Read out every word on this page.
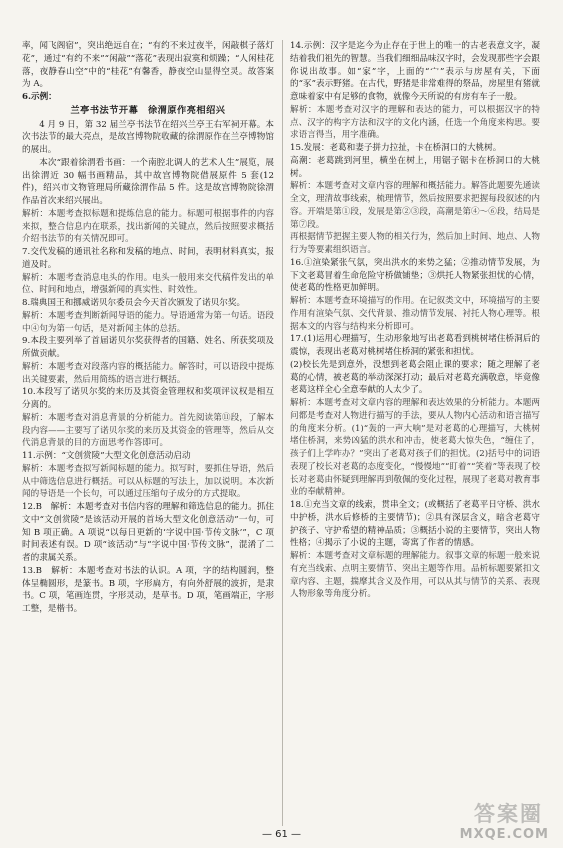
率，闻飞阁宿”，突出绝远自在；“有约不来过夜半，闲敲棋子落灯花”，通过“有约不来”“闲敲”“落花”表现出寂寞和烦躁；“人闲桂花落，夜静春山空”中的“桂花”有馨香，静夜空山显得空灵。故答案为 A。

6.示例：

兰亭书法节开幕　徐渭原作亮相绍兴

4 月 9 日，第 32 届兰亭书法节在绍兴兰亭王右军祠开幕。本次书法节的最大亮点，是故宫博物院收藏的徐渭原作在兰亭博物馆的展出。

本次“跟着徐渭看书画：一个南腔北调人的艺术人生”展览，展出徐渭近 30 幅书画精品，其中故宫博物院借展原件 5 套(12 件)，绍兴市文物管理局所藏徐渭作品 5 件。这是故宫博物院徐渭作品首次来绍兴展出。

解析：本题考查拟标题和提炼信息的能力。标题可根据事件的内容来拟，整合信息内在联系，找出新闻的关键点，然后按照要求概括介绍书法节的有关情况即可。

7.交代发稿的通讯社名称和发稿的地点、时间，表明材料真实，报道及时。

解析：本题考查消息电头的作用。电头一般用来交代稿件发出的单位、时间和地点，增强新闻的真实性、时效性。

8.瑞典国王和挪威诺贝尔委员会今天首次颁发了诺贝尔奖。

解析：本题考查判断新闻导语的能力。导语通常为第一句话。语段中④句为第一句话，是对新闻主体的总括。

9.本段主要列举了首届诺贝尔奖获得者的国籍、姓名、所获奖项及所做贡献。

解析：本题考查对段落内容的概括能力。解答时，可以语段中提炼出关键要素，然后用简练的语言进行概括。

10.本段写了诺贝尔奖的来历及其资金管理权和奖项评议权是相互分离的。

解析：本题考查对消息背景的分析能力。首先阅读第⑪段，了解本段内容——主要写了诺贝尔奖的来历及其资金的管理等，然后从交代消息背景的目的方面思考作答即可。

11.示例：“文创赏陵”大型文化创意活动启动

解析：本题考查拟写新闻标题的能力。拟写时，要抓住导语，然后从中筛选信息进行概括。可以从标题的写法上，加以说明。本次新闻的导语是一个长句，可以通过压缩句子成分的方式提取。

12.B　解析：本题考查对书信内容的理解和筛选信息的能力。抓住文中“文创赏陵”是该活动开展的首场大型文化创意活动”一句，可知 B 项正确。A 项说“以每日更新的‘字说中国·节传文脉’”，C 项时间表述有误。D 项“该活动”与“字说中国·节传文脉”，混淆了二者的隶属关系。

13.B　解析：本题考查对书法的认识。A 项，字的结构圆润，整体呈椭圆形，是篆书。B 项，字形扁方，有向外舒展的波折，是隶书。C 项，笔画连贯，字形灵动，是草书。D 项，笔画端正，字形工整，是楷书。

14.示例：汉字是迄今为止存在于世上的唯一的古老表意文字，凝结着我们祖先的智慧。当我们细细品味汉字时，会发现那些字会跟你说出故事。如“家”字，上面的“宀”表示与房屋有关，下面的“豕”表示野猪。在古代，野猪是非常难得的祭品，房屋里有猪就意味着家中有足够的食物，就像今天所说的有房有车子一般。

解析：本题考查对汉字的理解和表达的能力，可以根据汉字的特点、汉字的构字方法和汉字的文化内涵，任选一个角度来构思。要求语言得当，用字准确。

15.发展：老葛和妻子拼力拉扯，卡在桥洞口的大桃树。

高潮：老葛跳到河里，横坐在树上，用锯子锯卡在桥洞口的大桃树。

解析：本题考查对文章内容的理解和概括能力。解答此题要先通读全文，理清故事线索，梳理情节，然后按照要求把握每段叙述的内容。开端是第①段，发展是第②③段，高潮是第④～⑥段，结局是第⑦段。

再根据情节把握主要人物的相关行为，然后加上时间、地点、人物行为等要素组织语言。

16.①渲染紧张气氛，突出洪水的来势之猛；②推动情节发展，为下文老葛冒着生命危险守桥做铺垫；③烘托人物紧张担忧的心情，使老葛的性格更加鲜明。

解析：本题考查环境描写的作用。在记叙类文中，环境描写的主要作用有渲染气氛、交代背景、推动情节发展、衬托人物心理等。根据本文的内容与结构来分析即可。

17.(1)运用心理描写，生动形象地写出老葛看到桃树堵住桥洞后的震惊，表现出老葛对桃树堵住桥洞的紧张和担忧。

(2)校长先是到意外，没想到老葛会阻止课的要求；随之理解了老葛的心情，被老葛的举动深深打动；最后对老葛充满敬意，毕竟像老葛这样全心全意奉献的人太少了。

解析：本题考查对文章内容的理解和表达效果的分析能力。本题两问都是考查对人物进行描写的手法，要从人物内心活动和语言描写的角度来分析。(1)“轰的一声大响”是对老葛的心理描写，大桃树堵住桥洞，来势凶猛的洪水和冲击，使老葛大惊失色，“缠住了，孩子们上学咋办？”突出了老葛对孩子们的担忧。(2)括号中的词语表现了校长对老葛的态度变化，“慢慢地”“盯着”“笑着”等表现了校长对老葛由怀疑到理解再到敬佩的变化过程，展现了老葛对教育事业的奉献精神。

18.①充当文章的线索，贯串全文；(或概括了老葛平日守桥、洪水中护桥，洪水后修桥的主要情节)；②具有深层含义，暗含老葛守护孩子、守护希望的精神品质；③概括小说的主要情节，突出人物性格；④揭示了小说的主题，寄寓了作者的情感。

解析：本题考查对文章标题的理解能力。叙事文章的标题一般来说有充当线索、点明主要情节、突出主题等作用。品析标题要紧扣文章内容、主题，揣摩其含义及作用，可以从其与情节的关系、表现人物形象等角度分析。

— 61 —
答案圈
MXQE.COM
